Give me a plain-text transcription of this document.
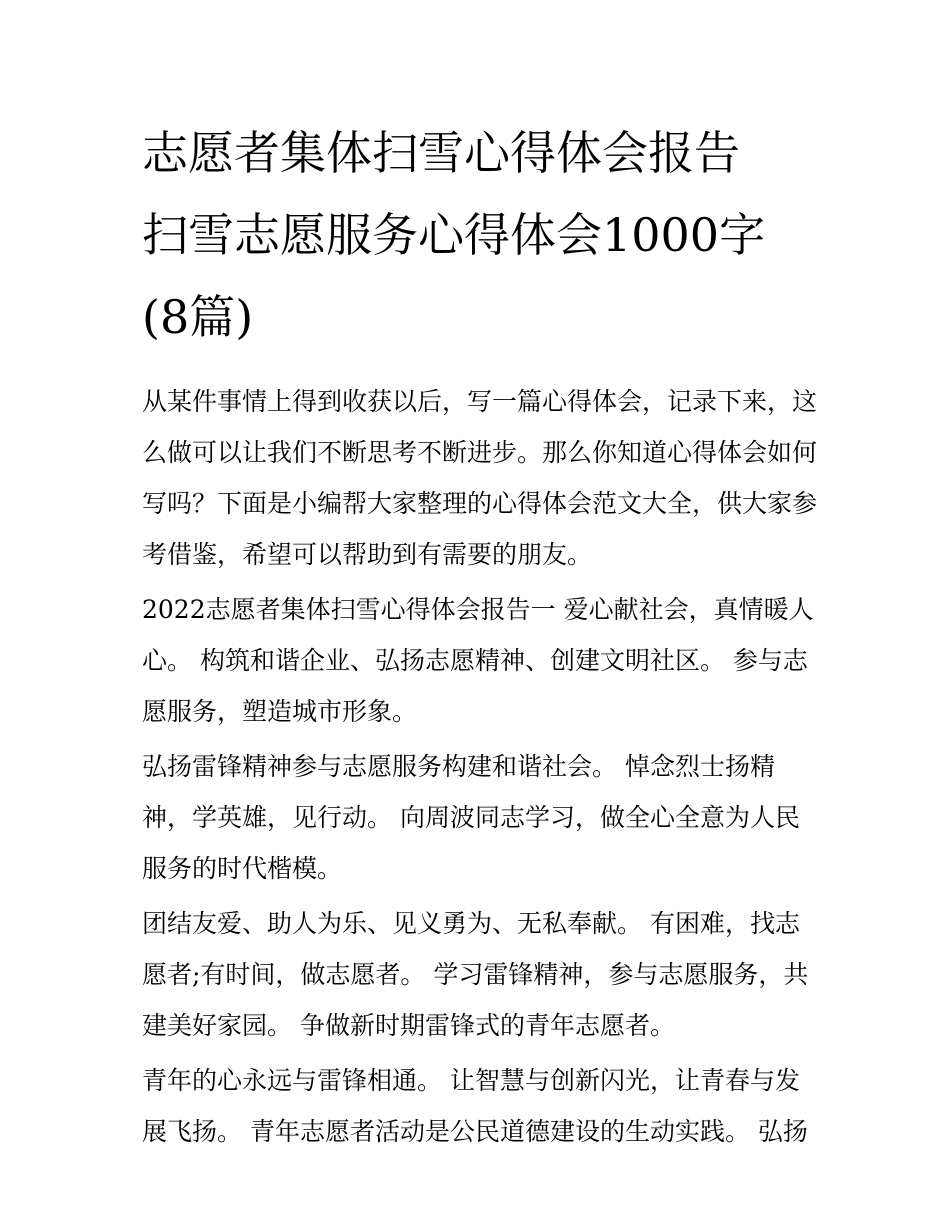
志愿者集体扫雪心得体会报告
扫雪志愿服务心得体会1000字
(8篇)

从某件事情上得到收获以后，写一篇心得体会，记录下来，这
么做可以让我们不断思考不断进步。那么你知道心得体会如何
写吗？下面是小编帮大家整理的心得体会范文大全，供大家参
考借鉴，希望可以帮助到有需要的朋友。

2022志愿者集体扫雪心得体会报告一 爱心献社会，真情暖人
心。 构筑和谐企业、弘扬志愿精神、创建文明社区。 参与志
愿服务，塑造城市形象。

弘扬雷锋精神参与志愿服务构建和谐社会。 悼念烈士扬精
神，学英雄，见行动。 向周波同志学习，做全心全意为人民
服务的时代楷模。

团结友爱、助人为乐、见义勇为、无私奉献。 有困难，找志
愿者;有时间，做志愿者。 学习雷锋精神，参与志愿服务，共
建美好家园。 争做新时期雷锋式的青年志愿者。

青年的心永远与雷锋相通。 让智慧与创新闪光，让青春与发
展飞扬。 青年志愿者活动是公民道德建设的生动实践。 弘扬
